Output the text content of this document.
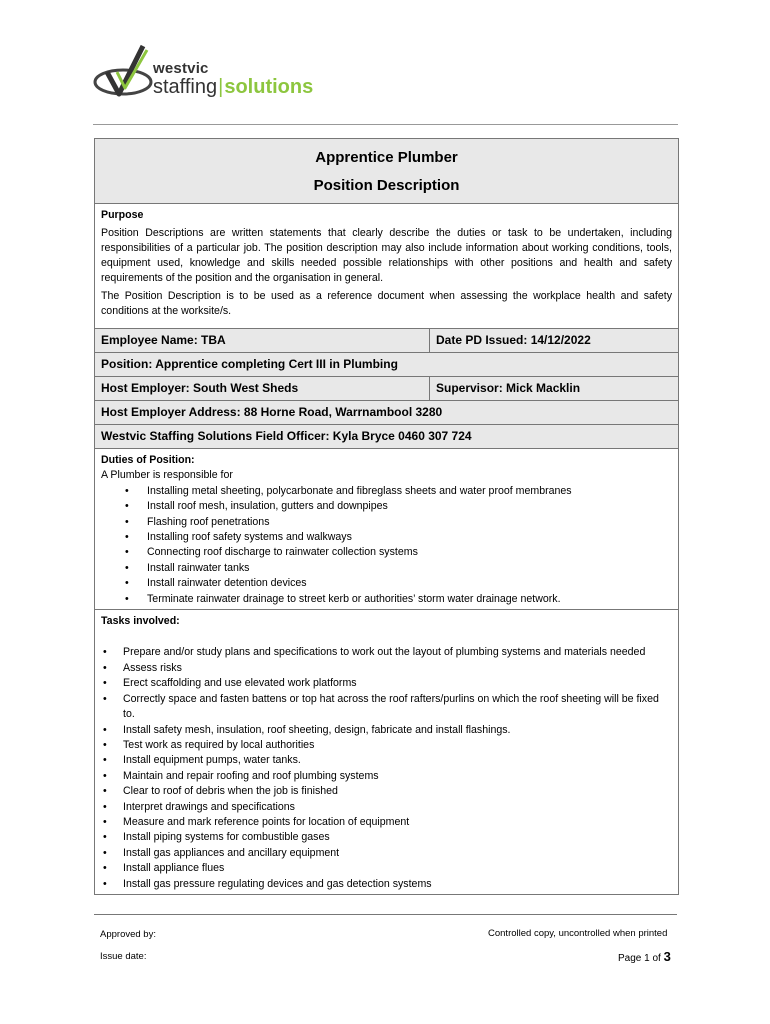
westvic
staffing|solutions
Apprentice Plumber
Position Description
Purpose

Position Descriptions are written statements that clearly describe the duties or task to be undertaken, including responsibilities of a particular job. The position description may also include information about working conditions, tools, equipment used, knowledge and skills needed possible relationships with other positions and health and safety requirements of the position and the organisation in general.

The Position Description is to be used as a reference document when assessing the workplace health and safety conditions at the worksite/s.

Employee Name: TBA	Date PD Issued: 14/12/2022
Position: Apprentice completing Cert III in Plumbing
Host Employer: South West Sheds	Supervisor: Mick Macklin
Host Employer Address: 88 Horne Road, Warrnambool 3280
Westvic Staffing Solutions Field Officer: Kyla Bryce 0460 307 724
Duties of Position:
A Plumber is responsible for
• Installing metal sheeting, polycarbonate and fibreglass sheets and water proof membranes
• Install roof mesh, insulation, gutters and downpipes
• Flashing roof penetrations
• Installing roof safety systems and walkways
• Connecting roof discharge to rainwater collection systems
• Install rainwater tanks
• Install rainwater detention devices
• Terminate rainwater drainage to street kerb or authorities’ storm water drainage network.
Tasks involved:
• Prepare and/or study plans and specifications to work out the layout of plumbing systems and materials needed
• Assess risks
• Erect scaffolding and use elevated work platforms
• Correctly space and fasten battens or top hat across the roof rafters/purlins on which the roof sheeting will be fixed to.
• Install safety mesh, insulation, roof sheeting, design, fabricate and install flashings.
• Test work as required by local authorities
• Install equipment pumps, water tanks.
• Maintain and repair roofing and roof plumbing systems
• Clear to roof of debris when the job is finished
• Interpret drawings and specifications
• Measure and mark reference points for location of equipment
• Install piping systems for combustible gases
• Install gas appliances and ancillary equipment
• Install appliance flues
• Install gas pressure regulating devices and gas detection systems
Approved by:
Issue date:
Controlled copy, uncontrolled when printed
Page 1 of 3
